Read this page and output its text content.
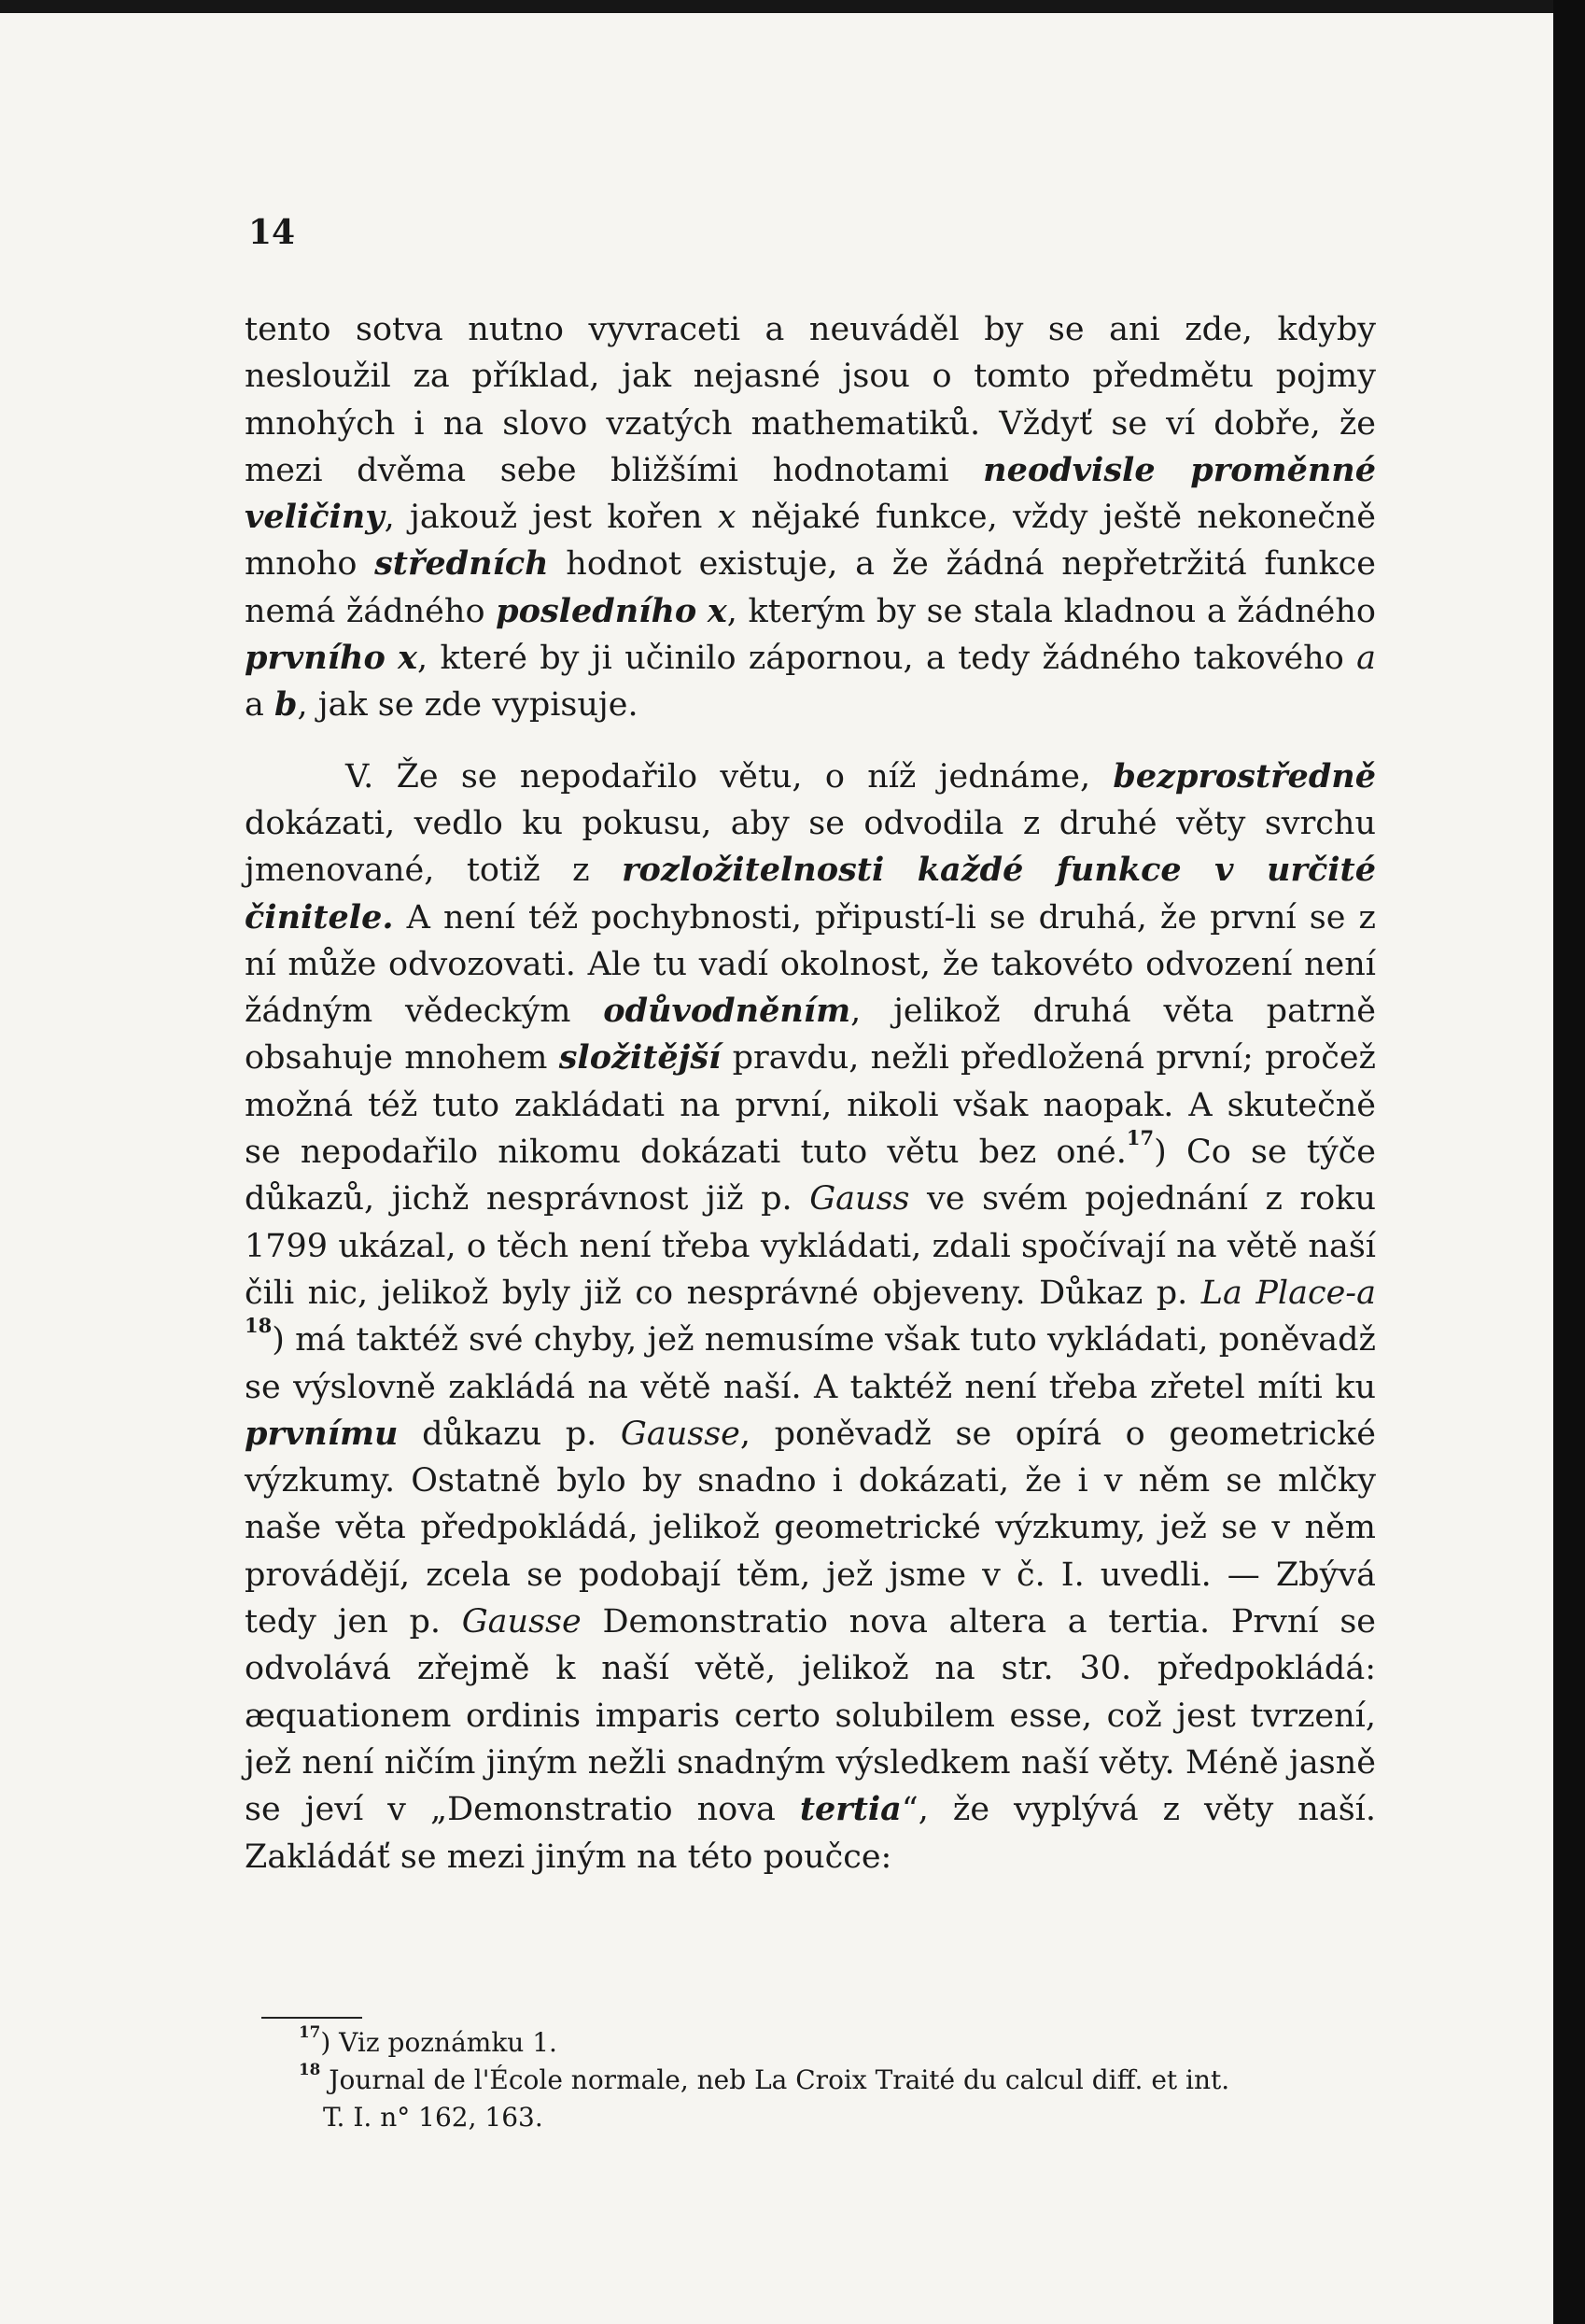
14

tento sotva nutno vyvraceti a neuváděl by se ani zde, kdyby nesloužil za příklad, jak nejasné jsou o tomto předmětu pojmy mnohých i na slovo vzatých mathematiků. Vždyť se ví dobře, že mezi dvěma sebe bližšími hodnotami neodvisle proměnné veličiny, jakouž jest kořen x nějaké funkce, vždy ještě nekonečně mnoho středních hodnot existuje, a že žádná nepřetržitá funkce nemá žádného posledního x, kterým by se stala kladnou a žádného prvního x, které by ji učinilo zápornou, a tedy žádného takového a a b, jak se zde vypisuje.

V. Že se nepodařilo větu, o níž jednáme, bezprostředně dokázati, vedlo ku pokusu, aby se odvodila z druhé věty svrchu jmenované, totiž z rozložitelnosti každé funkce v určité činitele. A není též pochybnosti, připustí-li se druhá, že první se z ní může odvozovati. Ale tu vadí okolnost, že takovéto odvození není žádným vědeckým odůvodněním, jelikož druhá věta patrně obsahuje mnohem složitější pravdu, nežli předložená první; pročež možná též tuto zakládati na první, nikoli však naopak. A skutečně se nepodařilo nikomu dokázati tuto větu bez oné.$^{17}$) Co se týče důkazů, jichž nesprávnost již p. Gauss ve svém pojednání z roku 1799 ukázal, o těch není třeba vykládati, zdali spočívají na větě naší čili nic, jelikož byly již co nesprávné objeveny. Důkaz p. La Place-a $^{18}$) má taktéž své chyby, jež nemusíme však tuto vykládati, poněvadž se výslovně zakládá na větě naší. A taktéž není třeba zřetel míti ku prvnímu důkazu p. Gausse, poněvadž se opírá o geometrické výzkumy. Ostatně bylo by snadno i dokázati, že i v něm se mlčky naše věta předpokládá, jelikož geometrické výzkumy, jež se v něm provádějí, zcela se podobají těm, jež jsme v č. I. uvedli. — Zbývá tedy jen p. Gausse Demonstratio nova altera a tertia. První se odvolává zřejmě k naší větě, jelikož na str. 30. předpokládá: æquationem ordinis imparis certo solubilem esse, což jest tvrzení, jež není ničím jiným nežli snadným výsledkem naší věty. Méně jasně se jeví v „Demonstratio nova tertia“, že vyplývá z věty naší. Zakládáť se mezi jiným na této poučce:

$^{17}$) Viz poznámku 1.

$^{18}$ Journal de l'École normale, neb La Croix Traité du calcul diff. et int.

T. I. n° 162, 163.
